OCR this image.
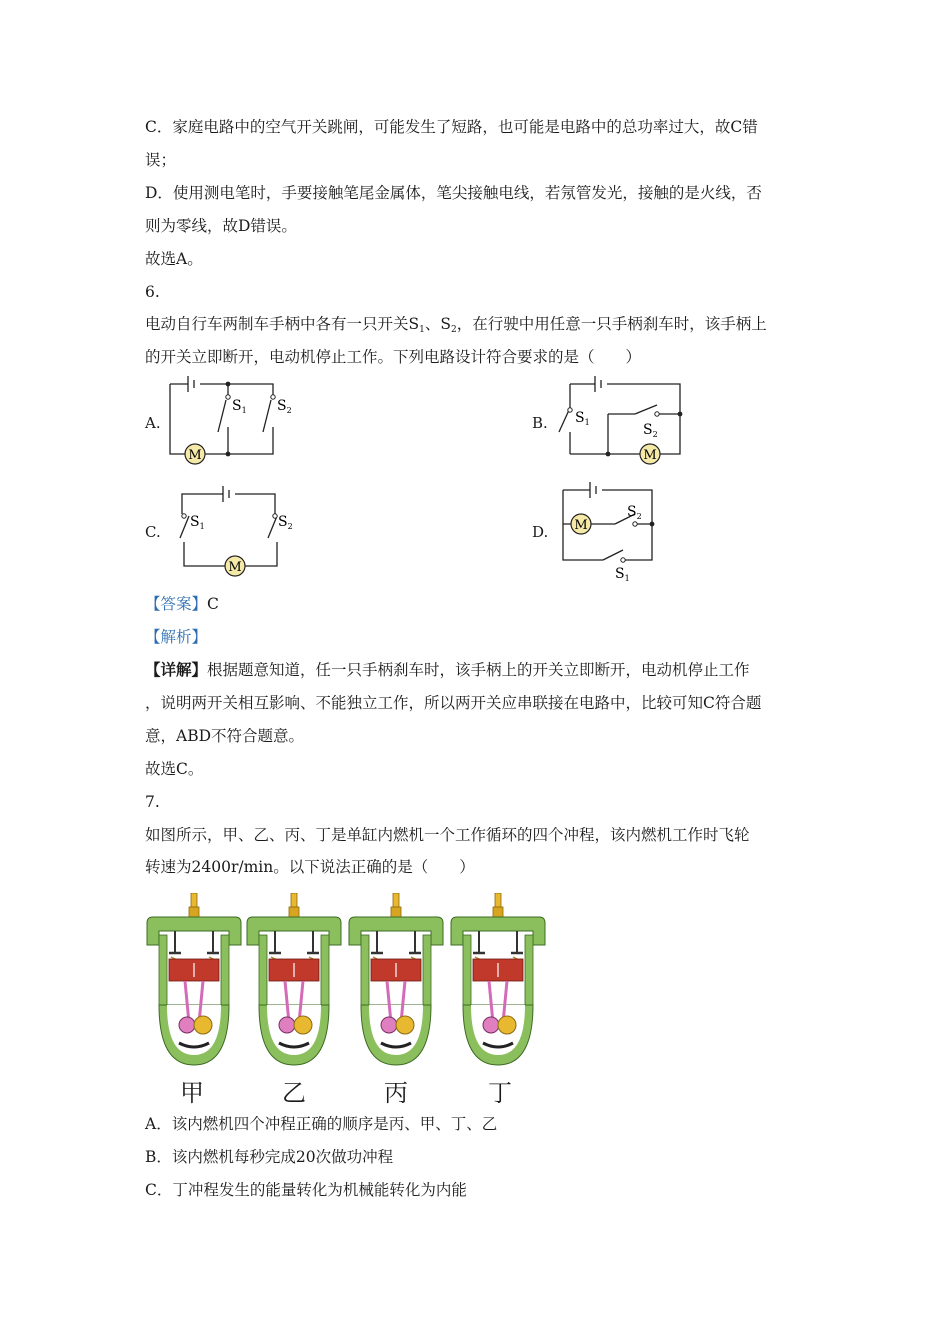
C．家庭电路中的空气开关跳闸，可能发生了短路，也可能是电路中的总功率过大，故C错
误；
D．使用测电笔时，手要接触笔尾金属体，笔尖接触电线，若氖管发光，接触的是火线，否
则为零线，故D错误。
故选A。
6.
电动自行车两制车手柄中各有一只开关$S_1$、$S_2$，在行驶中用任意一只手柄刹车时，该手柄上
的开关立即断开，电动机停止工作。下列电路设计符合要求的是（　　）
A.	B.
C.	D.
M
$S_1$ $S_2$
M
$S_1$	$S_2$
M
$S_1$	$S_2$	M
$S_2$
$S_1$
【答案】C
【解析】
【详解】根据题意知道，任一只手柄刹车时，该手柄上的开关立即断开，电动机停止工作
，说明两开关相互影响、不能独立工作，所以两开关应串联接在电路中，比较可知C符合题
意，ABD不符合题意。
故选C。
7.
如图所示，甲、乙、丙、丁是单缸内燃机一个工作循环的四个冲程，该内燃机工作时飞轮
转速为2400r/min。以下说法正确的是（　　）
甲	乙	丙	丁
A．该内燃机四个冲程正确的顺序是丙、甲、丁、乙
B．该内燃机每秒完成20次做功冲程
C．丁冲程发生的能量转化为机械能转化为内能
